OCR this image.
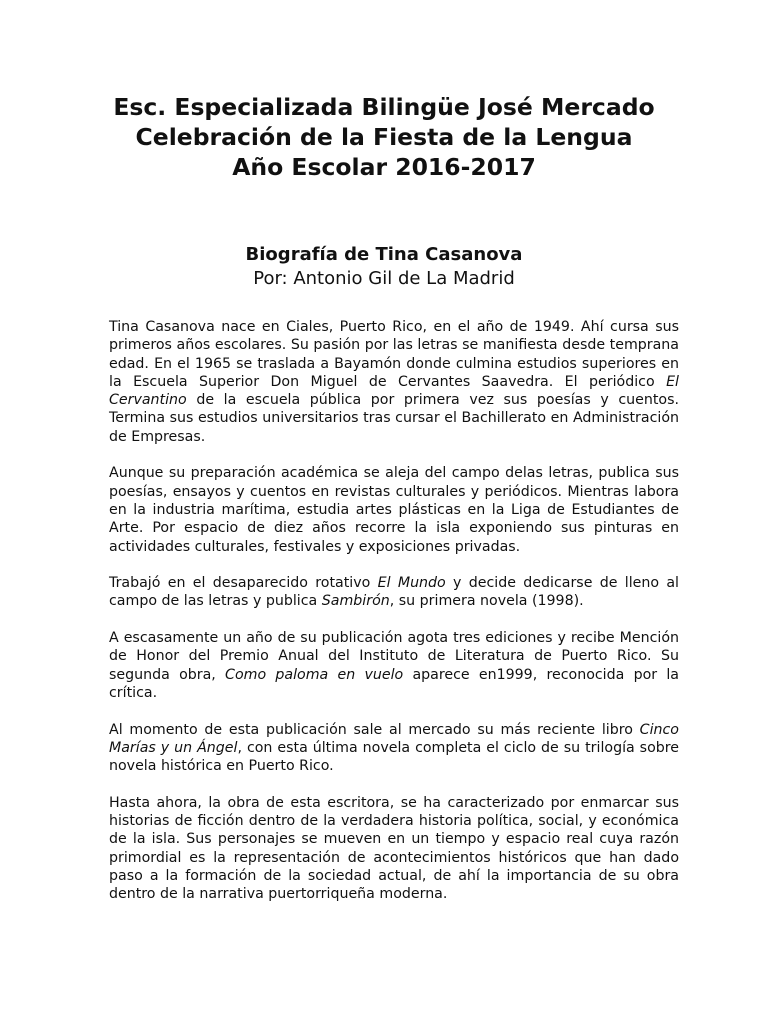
Esc. Especializada Bilingüe José Mercado
Celebración de la Fiesta de la Lengua
Año Escolar 2016-2017
Biografía de Tina Casanova
Por: Antonio Gil de La Madrid

Tina Casanova nace en Ciales, Puerto Rico, en el año de 1949. Ahí cursa sus primeros años escolares. Su pasión por las letras se manifiesta desde temprana edad. En el 1965 se traslada a Bayamón donde culmina estudios superiores en la Escuela Superior Don Miguel de Cervantes Saavedra. El periódico El Cervantino de la escuela pública por primera vez sus poesías y cuentos. Termina sus estudios universitarios tras cursar el Bachillerato en Administración de Empresas.

Aunque su preparación académica se aleja del campo delas letras, publica sus poesías, ensayos y cuentos en revistas culturales y periódicos. Mientras labora en la industria marítima, estudia artes plásticas en la Liga de Estudiantes de Arte. Por espacio de diez años recorre la isla exponiendo sus pinturas en actividades culturales, festivales y exposiciones privadas.

Trabajó en el desaparecido rotativo El Mundo y decide dedicarse de lleno al campo de las letras y publica Sambirón, su primera novela (1998).

A escasamente un año de su publicación agota tres ediciones y recibe Mención de Honor del Premio Anual del Instituto de Literatura de Puerto Rico. Su segunda obra, Como paloma en vuelo aparece en1999, reconocida por la crítica.

Al momento de esta publicación sale al mercado su más reciente libro Cinco Marías y un Ángel, con esta última novela completa el ciclo de su trilogía sobre novela histórica en Puerto Rico.

Hasta ahora, la obra de esta escritora, se ha caracterizado por enmarcar sus historias de ficción dentro de la verdadera historia política, social, y económica de la isla. Sus personajes se mueven en un tiempo y espacio real cuya razón primordial es la representación de acontecimientos históricos que han dado paso a la formación de la sociedad actual, de ahí la importancia de su obra dentro de la narrativa puertorriqueña moderna.
